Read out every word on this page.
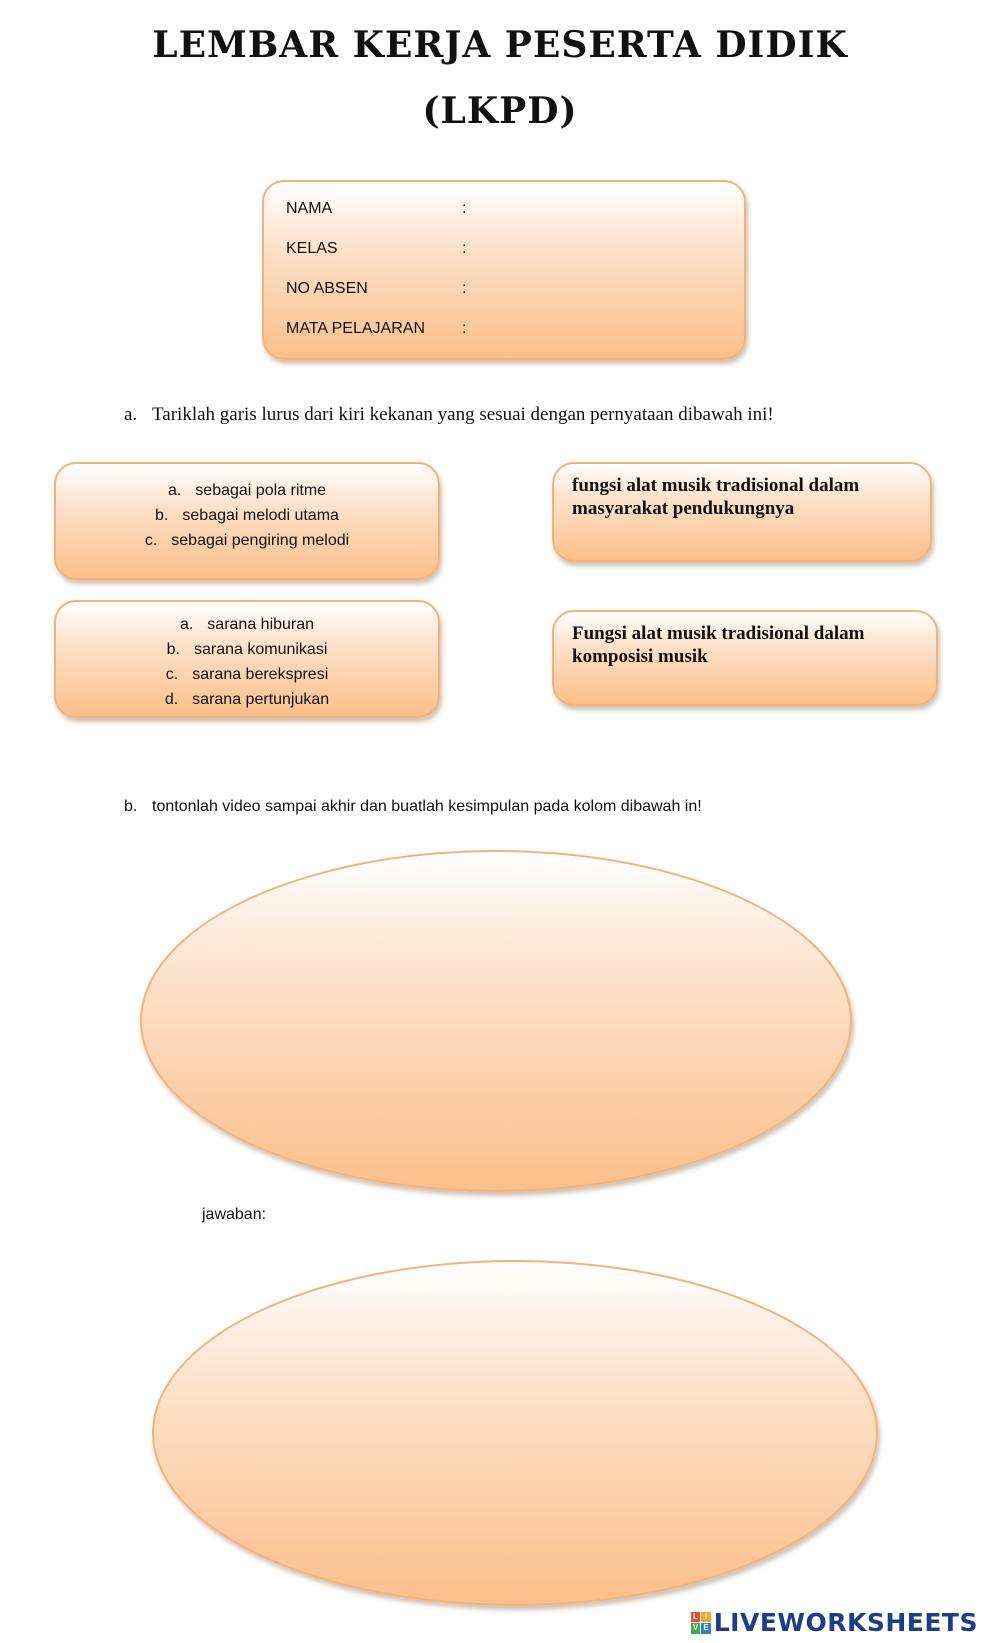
LEMBAR KERJA PESERTA DIDIK
(LKPD)
NAMA	:
KELAS	:
NO ABSEN	:
MATA PELAJARAN :
a. Tariklah garis lurus dari kiri kekanan yang sesuai dengan pernyataan dibawah ini!
a. sebagai pola ritme
b. sebagai melodi utama
c. sebagai pengiring melodi
a. sarana hiburan
b. sarana komunikasi
c. sarana berekspresi
d. sarana pertunjukan
fungsi alat musik tradisional dalam masyarakat pendukungnya
Fungsi alat musik tradisional dalam komposisi musik
b. tontonlah video sampai akhir dan buatlah kesimpulan pada kolom dibawah in!
jawaban:
L I
V E LIVEWORKSHEETS
